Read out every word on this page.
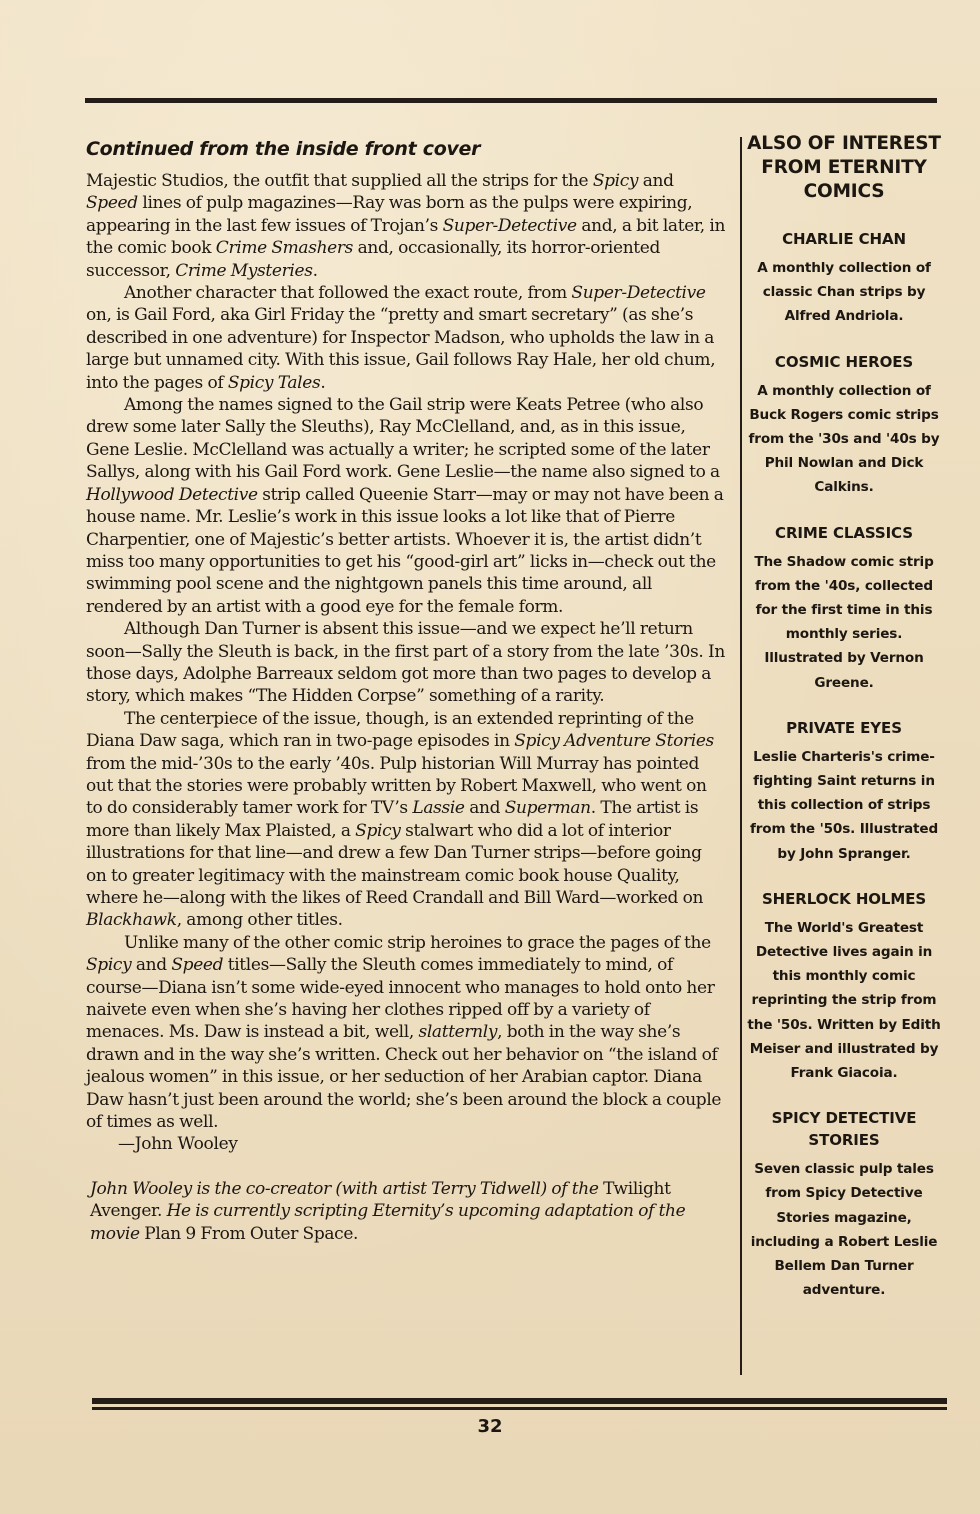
Continued from the inside front cover

Majestic Studios, the outfit that supplied all the strips for the Spicy and Speed lines of pulp magazines—Ray was born as the pulps were expiring, appearing in the last few issues of Trojan’s Super-Detective and, a bit later, in the comic book Crime Smashers and, occasionally, its horror-oriented successor, Crime Mysteries.

Another character that followed the exact route, from Super-Detective on, is Gail Ford, aka Girl Friday the “pretty and smart secretary” (as she’s described in one adventure) for Inspector Madson, who upholds the law in a large but unnamed city. With this issue, Gail follows Ray Hale, her old chum, into the pages of Spicy Tales.

Among the names signed to the Gail strip were Keats Petree (who also drew some later Sally the Sleuths), Ray McClelland, and, as in this issue, Gene Leslie. McClelland was actually a writer; he scripted some of the later Sallys, along with his Gail Ford work. Gene Leslie—the name also signed to a Hollywood Detective strip called Queenie Starr—may or may not have been a house name. Mr. Leslie’s work in this issue looks a lot like that of Pierre Charpentier, one of Majestic’s better artists. Whoever it is, the artist didn’t miss too many opportunities to get his “good-girl art” licks in—check out the swimming pool scene and the nightgown panels this time around, all rendered by an artist with a good eye for the female form.

Although Dan Turner is absent this issue—and we expect he’ll return soon—Sally the Sleuth is back, in the first part of a story from the late ’30s. In those days, Adolphe Barreaux seldom got more than two pages to develop a story, which makes “The Hidden Corpse” something of a rarity.

The centerpiece of the issue, though, is an extended reprinting of the Diana Daw saga, which ran in two-page episodes in Spicy Adventure Stories from the mid-’30s to the early ’40s. Pulp historian Will Murray has pointed out that the stories were probably written by Robert Maxwell, who went on to do considerably tamer work for TV’s Lassie and Superman. The artist is more than likely Max Plaisted, a Spicy stalwart who did a lot of interior illustrations for that line—and drew a few Dan Turner strips—before going on to greater legitimacy with the mainstream comic book house Quality, where he—along with the likes of Reed Crandall and Bill Ward—worked on Blackhawk, among other titles.

Unlike many of the other comic strip heroines to grace the pages of the Spicy and Speed titles—Sally the Sleuth comes immediately to mind, of course—Diana isn’t some wide-eyed innocent who manages to hold onto her naivete even when she’s having her clothes ripped off by a variety of menaces. Ms. Daw is instead a bit, well, slatternly, both in the way she’s drawn and in the way she’s written. Check out her behavior on “the island of jealous women” in this issue, or her seduction of her Arabian captor. Diana Daw hasn’t just been around the world; she’s been around the block a couple of times as well.

—John Wooley
John Wooley is the co-creator (with artist Terry Tidwell) of the Twilight Avenger. He is currently scripting Eternity’s upcoming adaptation of the movie Plan 9 From Outer Space.
ALSO OF INTEREST FROM ETERNITY COMICS
CHARLIE CHAN

A monthly collection of classic Chan strips by Alfred Andriola.

COSMIC HEROES

A monthly collection of Buck Rogers comic strips from the '30s and '40s by Phil Nowlan and Dick Calkins.

CRIME CLASSICS

The Shadow comic strip from the '40s, collected for the first time in this monthly series. Illustrated by Vernon Greene.

PRIVATE EYES

Leslie Charteris's crime-fighting Saint returns in this collection of strips from the '50s. Illustrated by John Spranger.

SHERLOCK HOLMES

The World's Greatest Detective lives again in this monthly comic reprinting the strip from the '50s. Written by Edith Meiser and illustrated by Frank Giacoia.

SPICY DETECTIVE STORIES

Seven classic pulp tales from Spicy Detective Stories magazine, including a Robert Leslie Bellem Dan Turner adventure.

32
